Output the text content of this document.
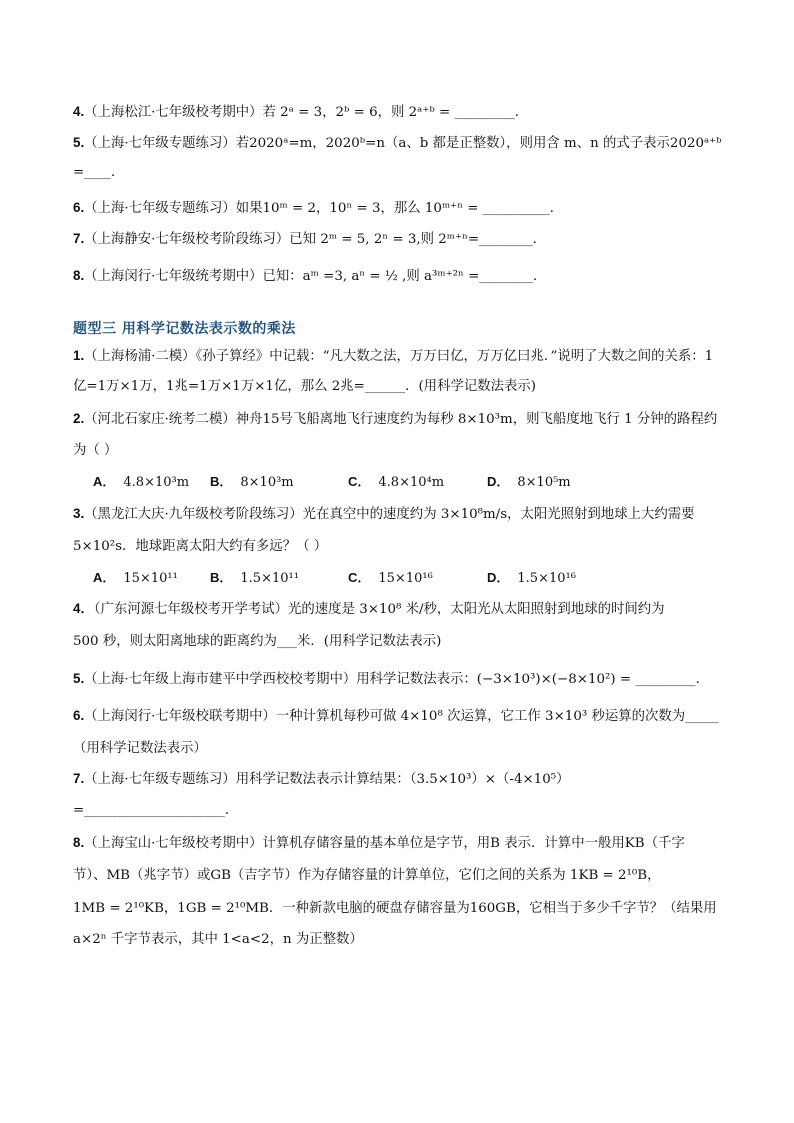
4.（上海松江·七年级校考期中）若 2ᵃ = 3，2ᵇ = 6，则 2ᵃ⁺ᵇ = _________．
5.（上海·七年级专题练习）若2020ᵃ=m，2020ᵇ=n（a、b 都是正整数），则用含 m、n 的式子表示2020ᵃ⁺ᵇ
=____．
6.（上海·七年级专题练习）如果10ᵐ = 2，10ⁿ = 3，那么 10ᵐ⁺ⁿ = __________．
7.（上海静安·七年级校考阶段练习）已知 2ᵐ = 5, 2ⁿ = 3,则 2ᵐ⁺ⁿ=________.
8.（上海闵行·七年级统考期中）已知：aᵐ =3, aⁿ = ½ ,则 a³ᵐ⁺²ⁿ =________.
题型三 用科学记数法表示数的乘法
1.（上海杨浦·二模）《孙子算经》中记载：“凡大数之法，万万曰亿，万万亿曰兆．”说明了大数之间的关系：1
亿=1万×1万，1兆=1万×1万×1亿，那么 2兆=______．(用科学记数法表示)
2.（河北石家庄·统考二模）神舟15号飞船离地飞行速度约为每秒 8×10³m，则飞船度地飞行 1 分钟的路程约
为（ ）
A． 4.8×10³m B． 8×10³m	C． 4.8×10⁴m	D． 8×10⁵m
3.（黑龙江大庆·九年级校考阶段练习）光在真空中的速度约为 3×10⁸m/s，太阳光照射到地球上大约需要
5×10²s．地球距离太阳大约有多远？（ ）
A． 15×10¹¹ B． 1.5×10¹¹	C． 15×10¹⁶	D． 1.5×10¹⁶
4．（广东河源七年级校考开学考试）光的速度是 3×10⁸ 米/秒，太阳光从太阳照射到地球的时间约为
500 秒，则太阳离地球的距离约为___米．(用科学记数法表示)
5.（上海·七年级上海市建平中学西校校考期中）用科学记数法表示：(−3×10³)×(−8×10²) = _________．
6.（上海闵行·七年级校联考期中）一种计算机每秒可做 4×10⁸ 次运算，它工作 3×10³ 秒运算的次数为_____
（用科学记数法表示）
7.（上海·七年级专题练习）用科学记数法表示计算结果：（3.5×10³）×（-4×10⁵）
=_____________________．
8.（上海宝山·七年级校考期中）计算机存储容量的基本单位是字节，用B 表示．计算中一般用KB（千字
节）、MB（兆字节）或GB（吉字节）作为存储容量的计算单位，它们之间的关系为 1KB = 2¹⁰B，
1MB = 2¹⁰KB，1GB = 2¹⁰MB．一种新款电脑的硬盘存储容量为160GB，它相当于多少千字节？（结果用
a×2ⁿ 千字节表示，其中 1<a<2，n 为正整数）
